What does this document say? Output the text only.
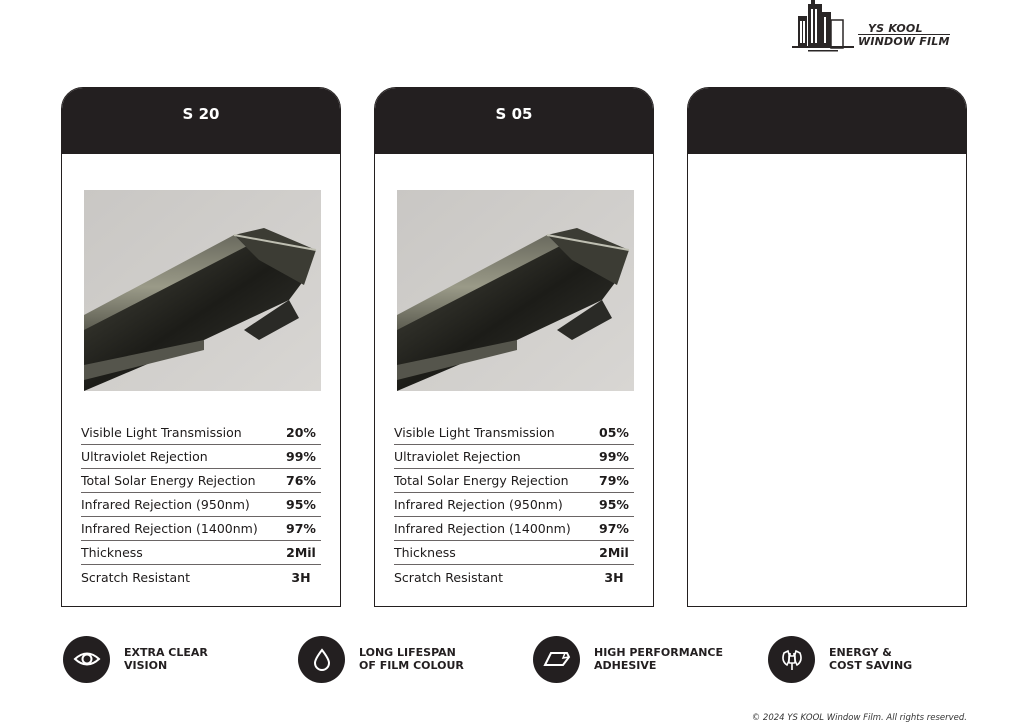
YS KOOL
WINDOW FILM
S 20
Visible Light Transmission	20%
Ultraviolet Rejection	99%
Total Solar Energy Rejection	76%
Infrared Rejection (950nm)	95%
Infrared Rejection (1400nm)	97%
Thickness	2Mil
Scratch Resistant	3H
S 05
Visible Light Transmission	05%
Ultraviolet Rejection	99%
Total Solar Energy Rejection	79%
Infrared Rejection (950nm)	95%
Infrared Rejection (1400nm)	97%
Thickness	2Mil
Scratch Resistant	3H
EXTRA CLEAR
VISION
LONG LIFESPAN
OF FILM COLOUR
HIGH PERFORMANCE
ADHESIVE
ENERGY &
COST SAVING
© 2024 YS KOOL Window Film. All rights reserved.
